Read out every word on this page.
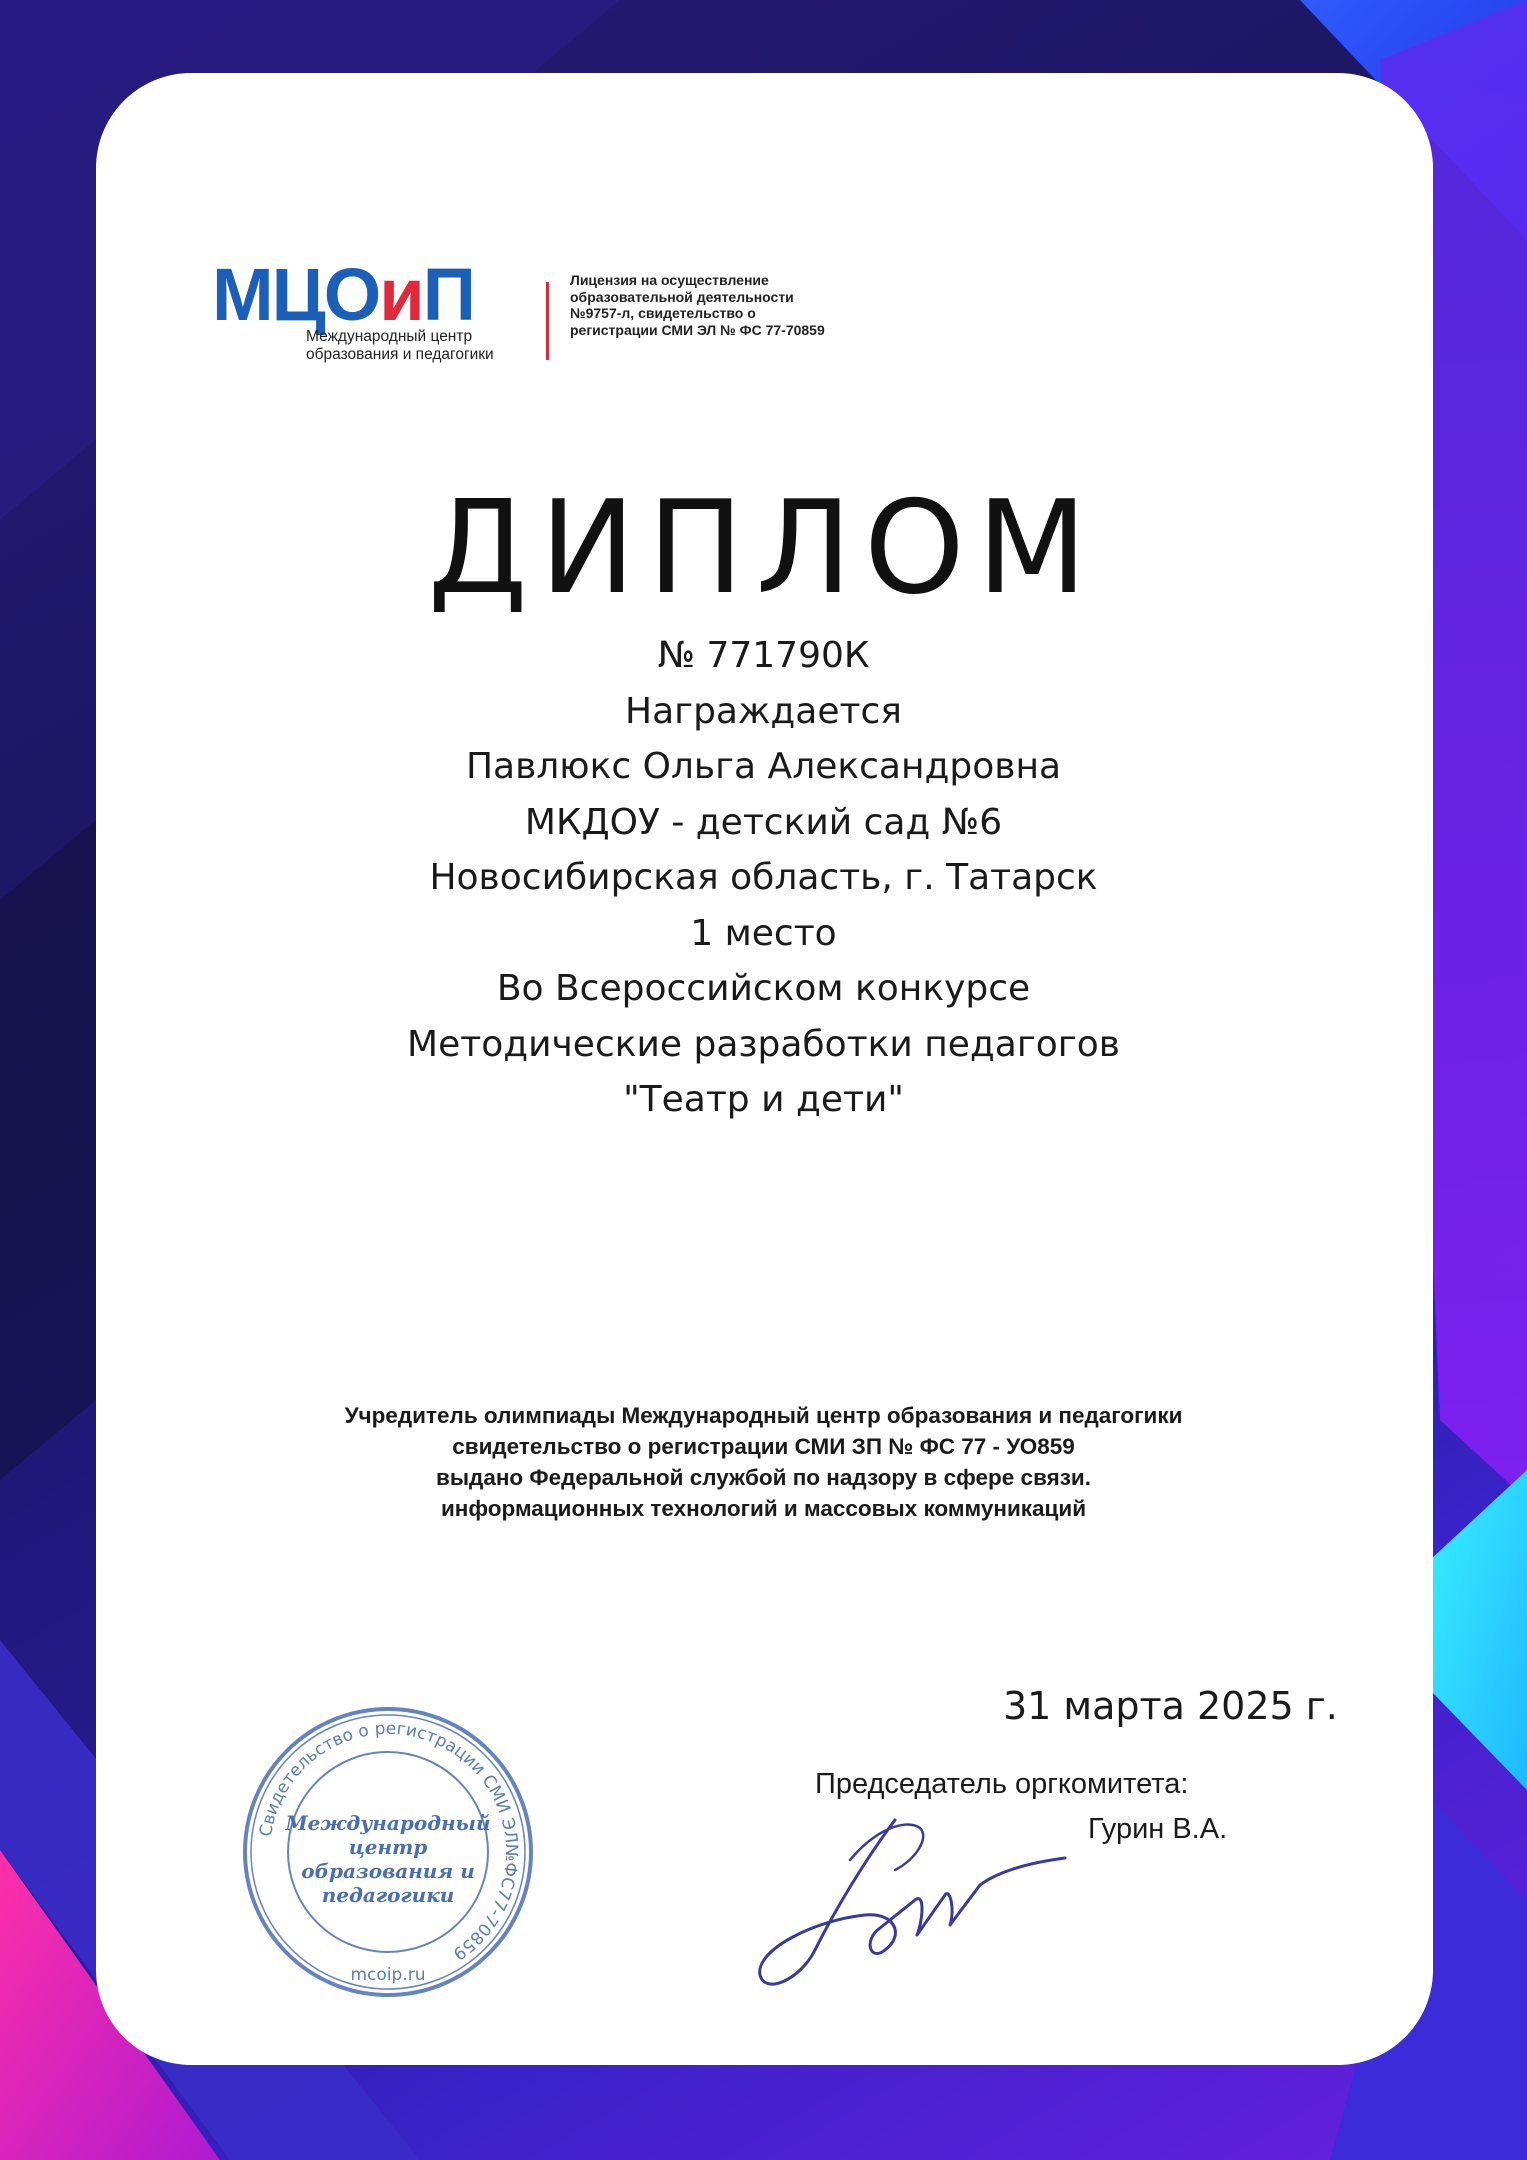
МЦОиП
Международный центр образования и педагогики
Лицензия на осуществление образовательной деятельности №9757-л, свидетельство о регистрации СМИ ЭЛ № ФС 77-70859
ДИПЛОМ
№ 771790К
Награждается
Павлюкс Ольга Александровна
МКДОУ - детский сад №6
Новосибирская область, г. Татарск
1 место
Во Всероссийском конкурсе
Методические разработки педагогов
"Театр и дети"
Учредитель олимпиады Международный центр образования и педагогики
свидетельство о регистрации СМИ ЗП № ФС 77 - УО859
выдано Федеральной службой по надзору в сфере связи.
информационных технологий и массовых коммуникаций
31 марта 2025 г.
Председатель оргкомитета:
Гурин В.А.
Свидетельство о регистрации СМИ ЭЛ№ФС77-70859
mcoip.ru
Международный
центр
образования и
педагогики
